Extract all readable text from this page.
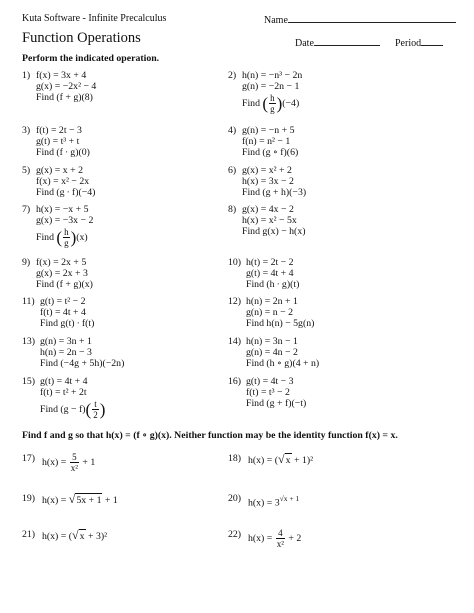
Kuta Software - Infinite Precalculus	Name
Function Operations	Date	Period
Perform the indicated operation.
1) f(x) = 3x + 4
g(x) = −2x² − 4
Find (f + g)(8)
2) h(n) = −n³ − 2n
g(n) = −2n − 1
Find ( $\frac{h}{g} )(-4)$
3) f(t) = 2t − 3
g(t) = t³ + t
Find (f ∙ g)(0)
4) g(n) = −n + 5
f(n) = n² − 1
Find (g ∘ f)(6)
5) g(x) = x + 2
f(x) = x² − 2x
Find (g ∙ f)(−4)
6) g(x) = x² + 2
h(x) = 3x − 2
Find (g + h)(−3)
7) h(x) = −x + 5
g(x) = −3x − 2
Find ( $\frac{h}{g} )(x)$
8) g(x) = 4x − 2
h(x) = x² − 5x
Find g(x) − h(x)
9) f(x) = 2x + 5
g(x) = 2x + 3
Find (f + g)(x)
10) h(t) = 2t − 2
g(t) = 4t + 4
Find (h ∙ g)(t)
11) g(t) = t² − 2
f(t) = 4t + 4
Find g(t) ∙ f(t)
12) h(n) = 2n + 1
g(n) = n − 2
Find h(n) − 5g(n)
13) g(n) = 3n + 1
h(n) = 2n − 3
Find (−4g + 5h)(−2n)
14) h(n) = 3n − 1
g(n) = 4n − 2
Find (h ∘ g)(4 + n)
15) g(t) = 4t + 4
f(t) = t² + 2t
Find $(g - f)( \frac{t}{2}$ )
16) g(t) = 4t − 3
f(t) = t³ − 2
Find (g + f)(−t)
Find f and g so that h(x) = (f ∘ g)(x). Neither function may be the identity function f(x) = x.
17) $h(x) = \frac{5}{\text{x²}} + 1$	18) h(x) = (√x + 1)²
19) h(x) = √5x + 1 + 1	20) $h(x) = 3^{√x + 1}$
21) h(x) = (√x + 3)²	22) $h(x) = \frac{4}{\text{x²}} + 2$
